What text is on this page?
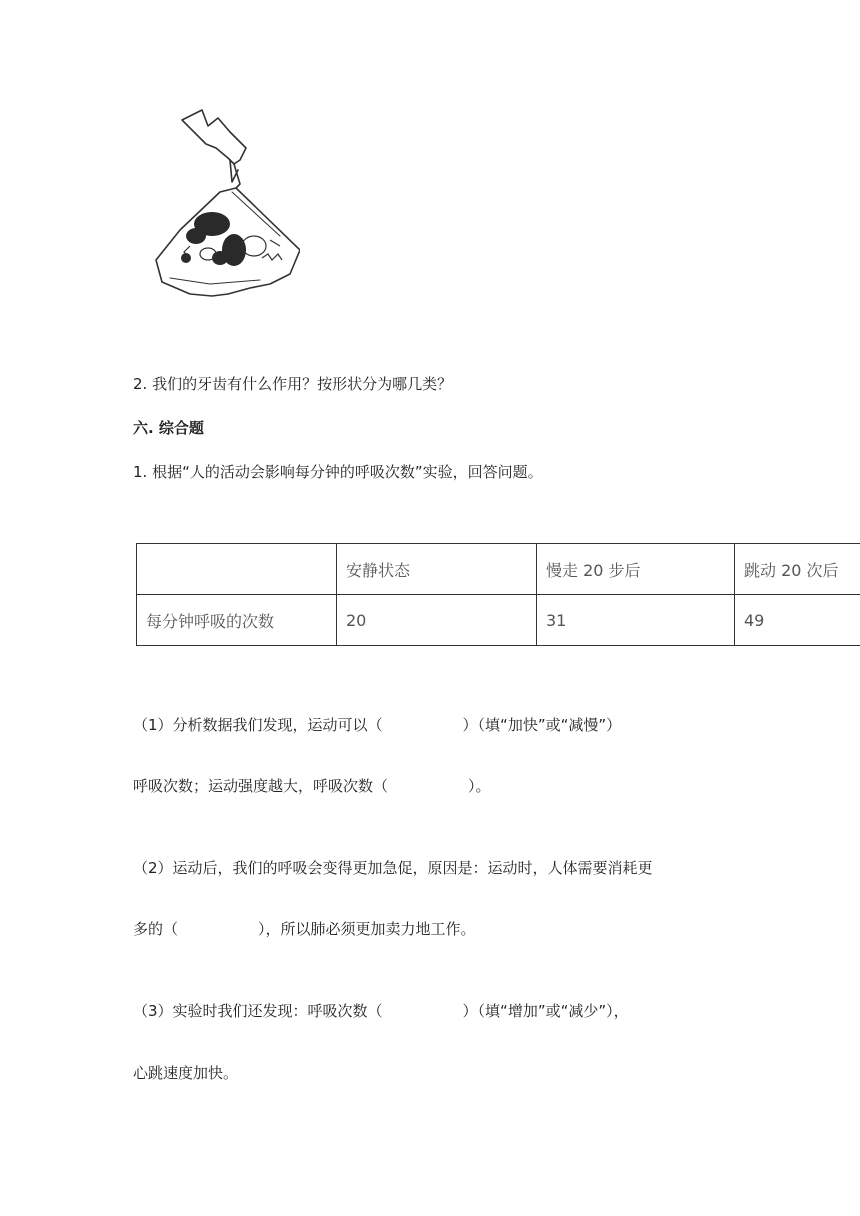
2. 我们的牙齿有什么作用？按形状分为哪几类？
六. 综合题
1. 根据“人的活动会影响每分钟的呼吸次数”实验，回答问题。
	安静状态	慢走 20 步后	跳动 20 次后
每分钟呼吸的次数	20	31	49
（1）分析数据我们发现，运动可以（	）（填“加快”或“减慢”）
呼吸次数；运动强度越大，呼吸次数（	）。
（2）运动后，我们的呼吸会变得更加急促，原因是：运动时，人体需要消耗更
多的（	），所以肺必须更加卖力地工作。
（3）实验时我们还发现：呼吸次数（	）（填“增加”或“减少”），
心跳速度加快。
